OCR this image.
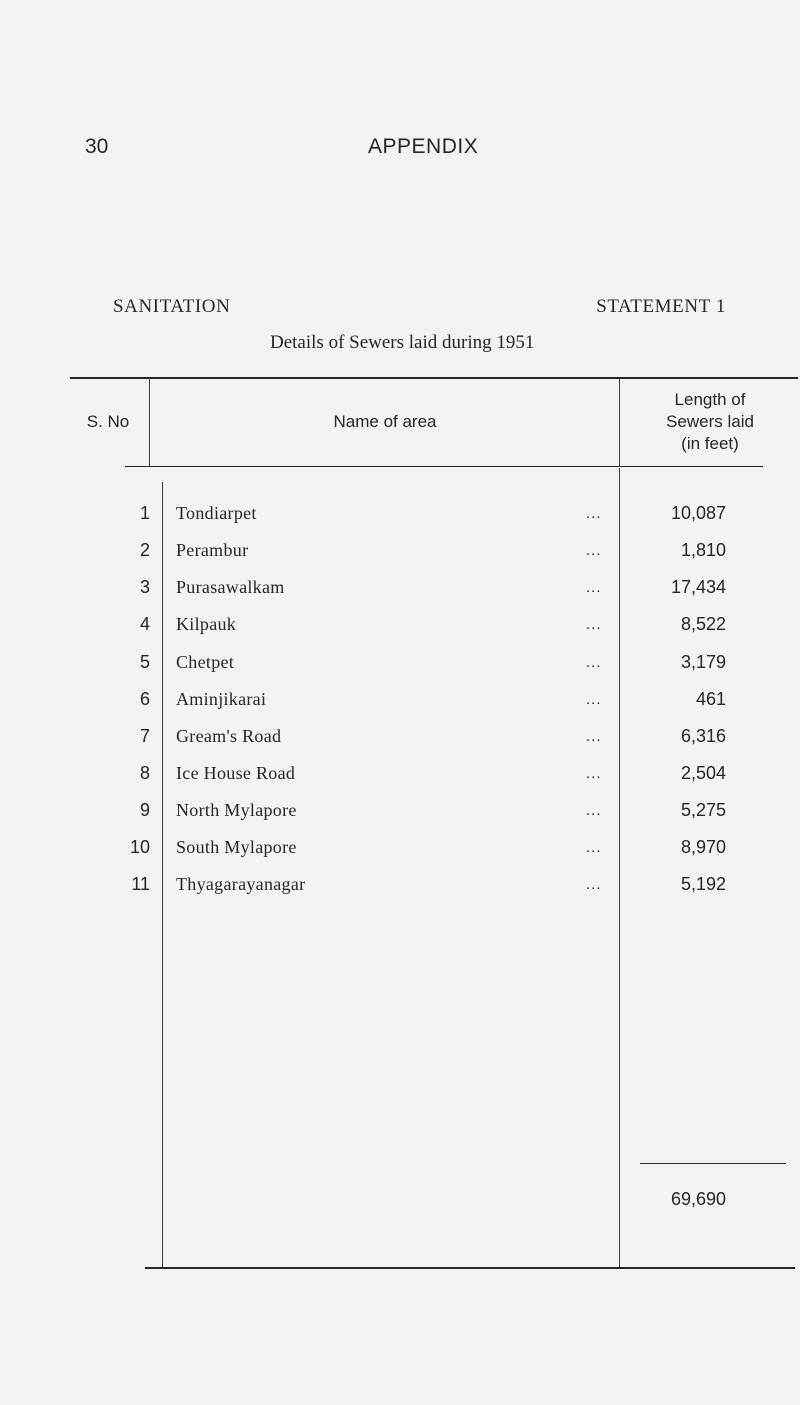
30	APPENDIX
SANITATION	STATEMENT 1
Details of Sewers laid during 1951
S. No	Name of area
Length of
Sewers laid
(in feet)
1 Tondiarpet	...	10,087
2 Perambur	...	1,810
3 Purasawalkam	...	17,434
4 Kilpauk	...	8,522
5 Chetpet	...	3,179
6 Aminjikarai	...	461
7 Gream's Road	...	6,316
8 Ice House Road	...	2,504
9 North Mylapore	...	5,275
10 South Mylapore	...	8,970
11 Thyagarayanagar	...	5,192
69,690
